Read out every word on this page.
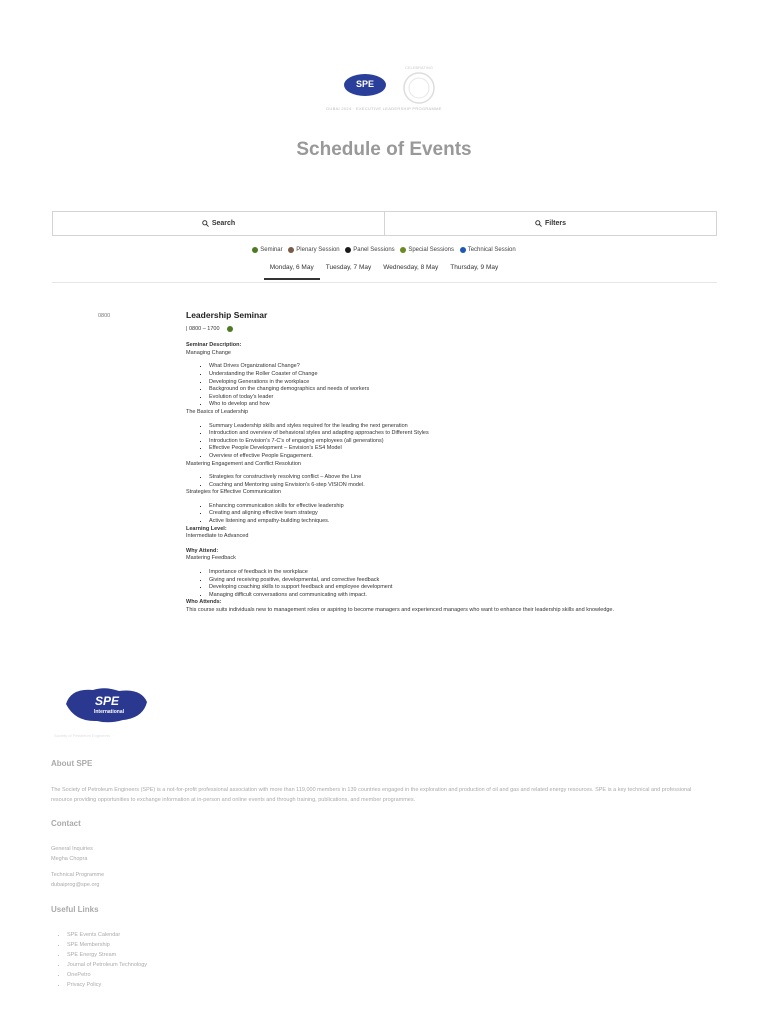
SPE
CELEBRATING
DUBAI 2024 · EXECUTIVE LEADERSHIP PROGRAMME
Schedule of Events
Search	Filters
Seminar
Plenary Session
Panel Sessions
Special Sessions
Technical Session
Monday, 6 May	Tuesday, 7 May	Wednesday, 8 May	Thursday, 9 May
0800	Leadership Seminar
| 0800 – 1700
Seminar Description:
Managing Change
▪ What Drives Organizational Change?
▪ Understanding the Roller Coaster of Change
▪ Developing Generations in the workplace
▪ Background on the changing demographics and needs of workers
▪ Evolution of today's leader
▪ Who to develop and how
The Basics of Leadership
▪ Summary Leadership skills and styles required for the leading the next generation
▪ Introduction and overview of behavioral styles and adapting approaches to Different Styles
▪ Introduction to Envision's 7-C's of engaging employees (all generations)
▪ Effective People Development – Envision's ES4 Model
▪ Overview of effective People Engagement.
Mastering Engagement and Conflict Resolution
▪ Strategies for constructively resolving conflict – Above the Line
▪ Coaching and Mentoring using Envision's 6-step VISION model.
Strategies for Effective Communication
▪ Enhancing communication skills for effective leadership
▪ Creating and aligning effective team strategy
▪ Active listening and empathy-building techniques.
Learning Level:
Intermediate to Advanced
Why Attend:
Mastering Feedback
▪ Importance of feedback in the workplace
▪ Giving and receiving positive, developmental, and corrective feedback
▪ Developing coaching skills to support feedback and employee development
▪ Managing difficult conversations and communicating with impact.
Who Attends:
This course suits individuals new to management roles or aspiring to become managers and experienced managers who want to enhance their leadership skills and knowledge.
SPE
International
Society of Petroleum Engineers
About SPE
The Society of Petroleum Engineers (SPE) is a not-for-profit professional association with more than 119,000 members in 139 countries engaged in the exploration and production of oil and gas and related energy resources. SPE is a key technical and professional resource providing opportunities to exchange information at in-person and online events and through training, publications, and member programmes.
Contact
General Inquiries
Megha Chopra
Technical Programme
dubaiprog@spe.org
Useful Links
• SPE Events Calendar
• SPE Membership
• SPE Energy Stream
• Journal of Petroleum Technology
• OnePetro
• Privacy Policy
